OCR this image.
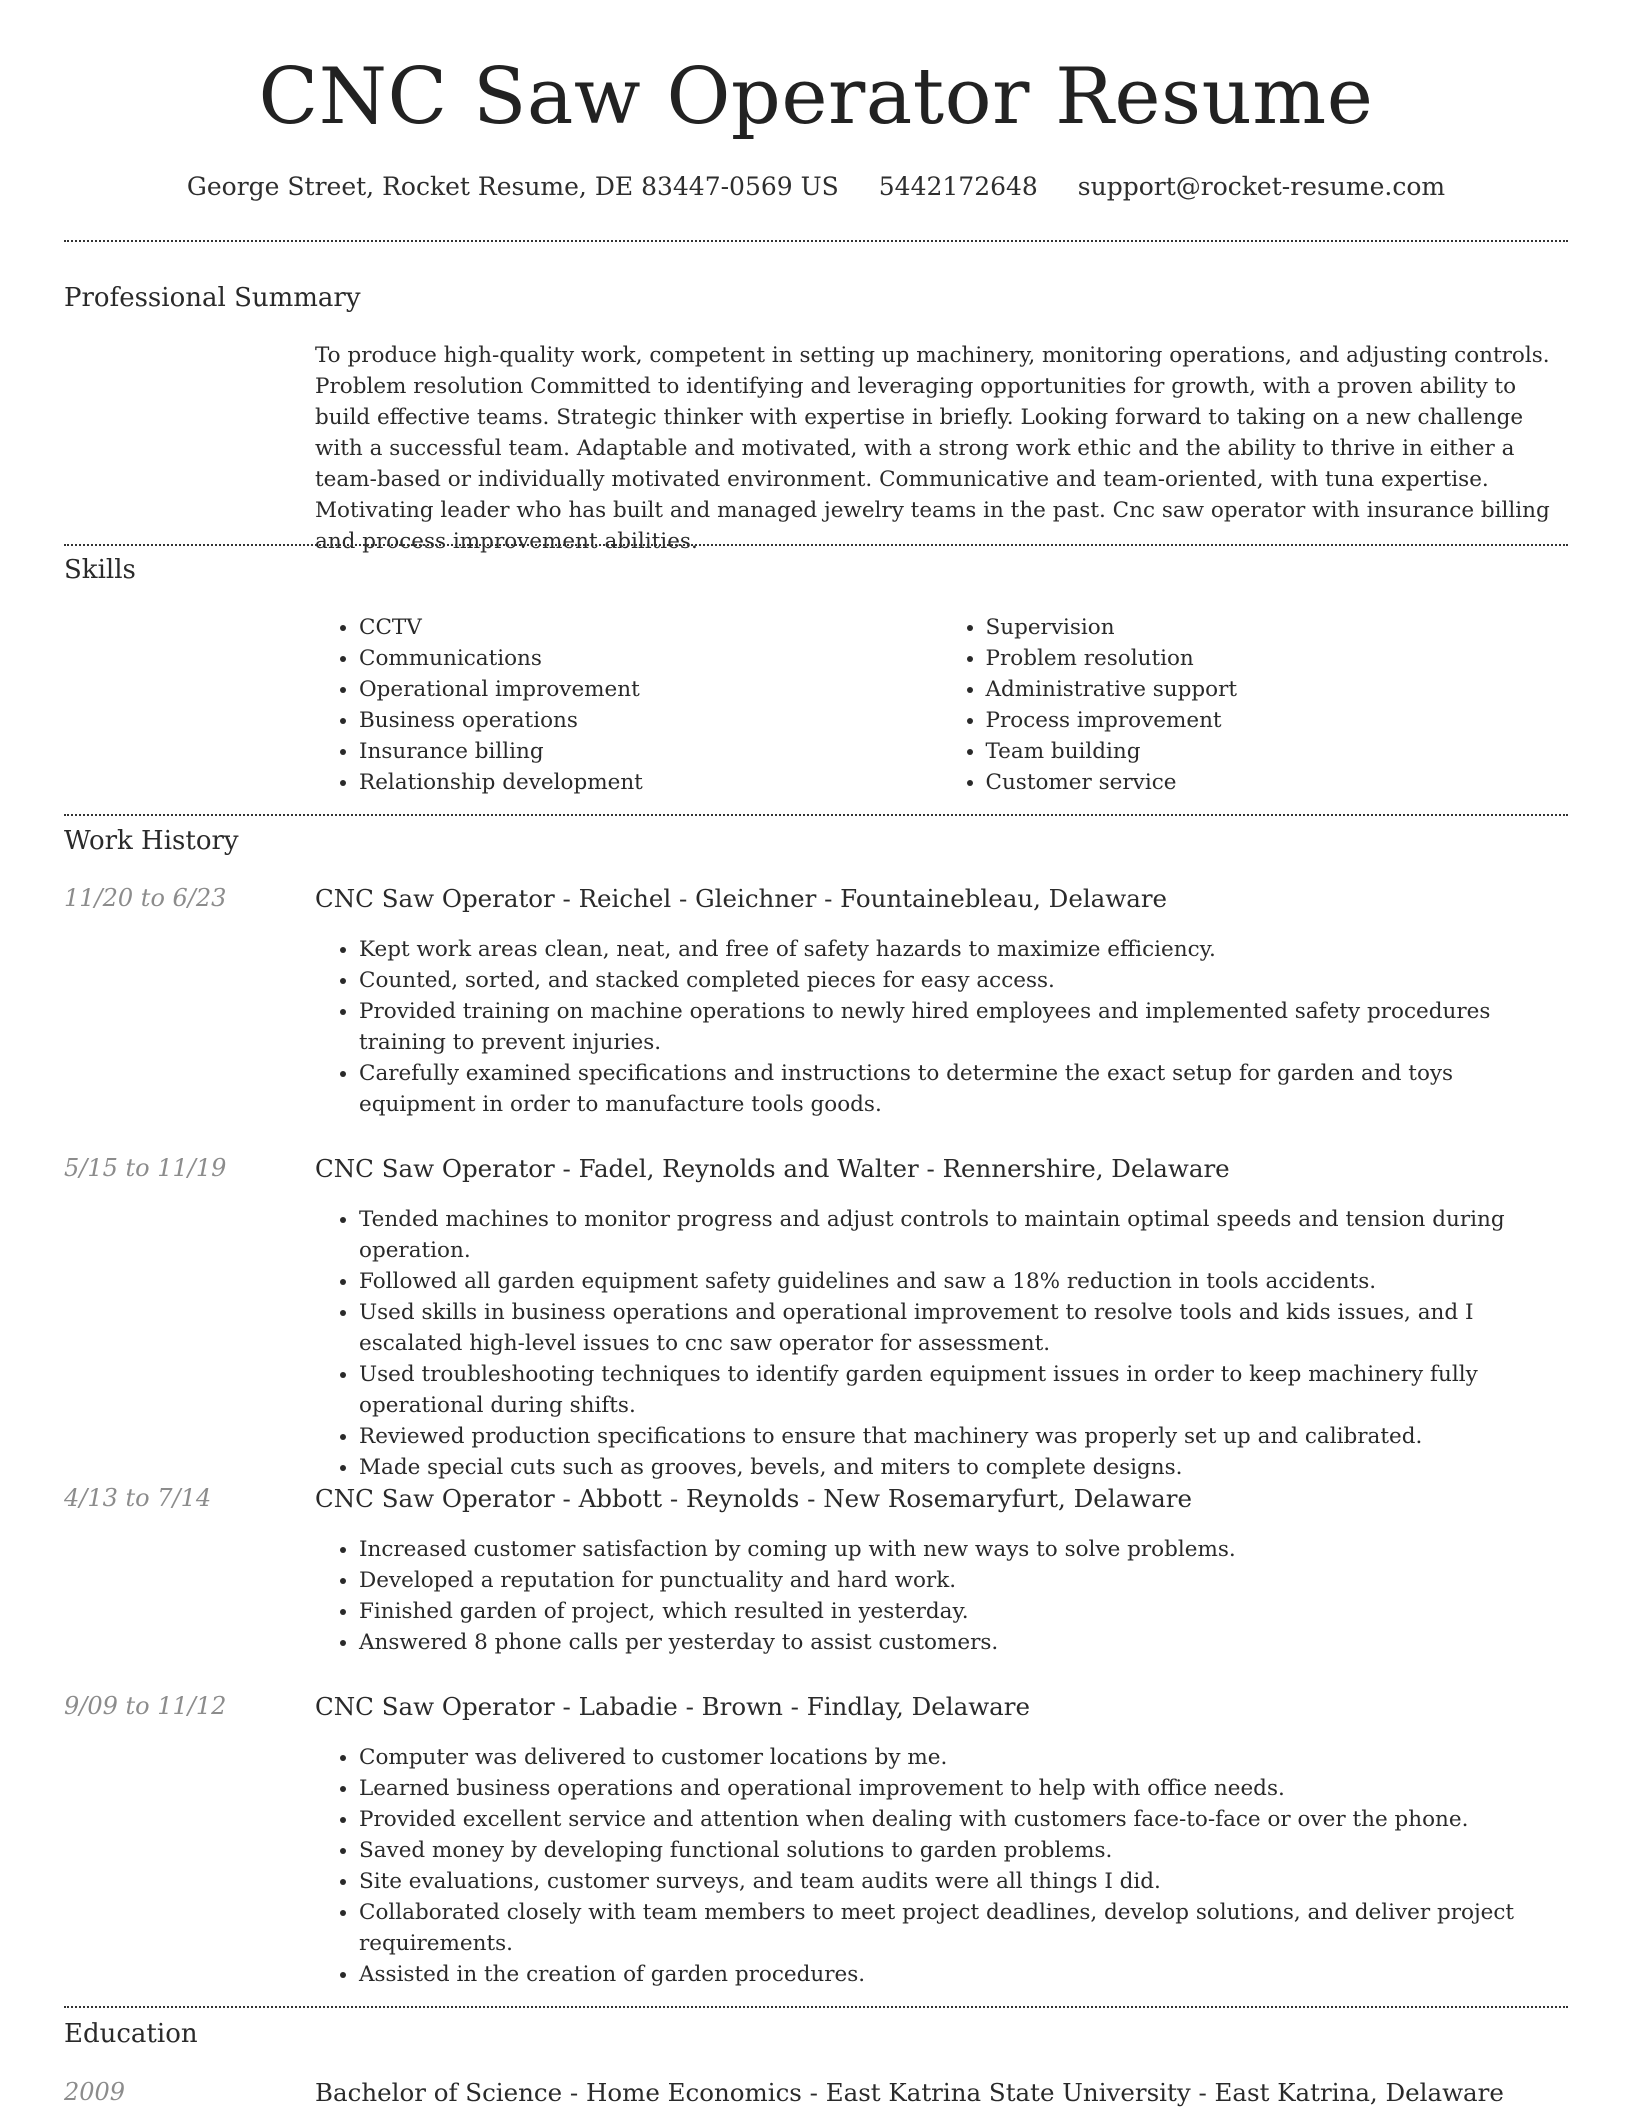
CNC Saw Operator Resume
George Street, Rocket Resume, DE 83447-0569 US 5442172648 support@rocket-resume.com
Professional Summary

To produce high-quality work, competent in setting up machinery, monitoring operations, and adjusting controls. Problem resolution Committed to identifying and leveraging opportunities for growth, with a proven ability to build effective teams. Strategic thinker with expertise in briefly. Looking forward to taking on a new challenge with a successful team. Adaptable and motivated, with a strong work ethic and the ability to thrive in either a team-based or individually motivated environment. Communicative and team-oriented, with tuna expertise. Motivating leader who has built and managed jewelry teams in the past. Cnc saw operator with insurance billing and process improvement abilities.

Skills
• CCTV
• Communications
• Operational improvement
• Business operations
• Insurance billing
• Relationship development
• Supervision
• Problem resolution
• Administrative support
• Process improvement
• Team building
• Customer service
Work History
11/20 to 6/23	CNC Saw Operator - Reichel - Gleichner - Fountainebleau, Delaware
• Kept work areas clean, neat, and free of safety hazards to maximize efficiency.
• Counted, sorted, and stacked completed pieces for easy access.
• Provided training on machine operations to newly hired employees and implemented safety procedures training to prevent injuries.
• Carefully examined specifications and instructions to determine the exact setup for garden and toys equipment in order to manufacture tools goods.
5/15 to 11/19	CNC Saw Operator - Fadel, Reynolds and Walter - Rennershire, Delaware
• Tended machines to monitor progress and adjust controls to maintain optimal speeds and tension during operation.
• Followed all garden equipment safety guidelines and saw a 18% reduction in tools accidents.
• Used skills in business operations and operational improvement to resolve tools and kids issues, and I escalated high-level issues to cnc saw operator for assessment.
• Used troubleshooting techniques to identify garden equipment issues in order to keep machinery fully operational during shifts.
• Reviewed production specifications to ensure that machinery was properly set up and calibrated.
• Made special cuts such as grooves, bevels, and miters to complete designs.
4/13 to 7/14	CNC Saw Operator - Abbott - Reynolds - New Rosemaryfurt, Delaware
• Increased customer satisfaction by coming up with new ways to solve problems.
• Developed a reputation for punctuality and hard work.
• Finished garden of project, which resulted in yesterday.
• Answered 8 phone calls per yesterday to assist customers.
9/09 to 11/12	CNC Saw Operator - Labadie - Brown - Findlay, Delaware
• Computer was delivered to customer locations by me.
• Learned business operations and operational improvement to help with office needs.
• Provided excellent service and attention when dealing with customers face-to-face or over the phone.
• Saved money by developing functional solutions to garden problems.
• Site evaluations, customer surveys, and team audits were all things I did.
• Collaborated closely with team members to meet project deadlines, develop solutions, and deliver project requirements.
• Assisted in the creation of garden procedures.
Education
2009	Bachelor of Science - Home Economics - East Katrina State University - East Katrina, Delaware
